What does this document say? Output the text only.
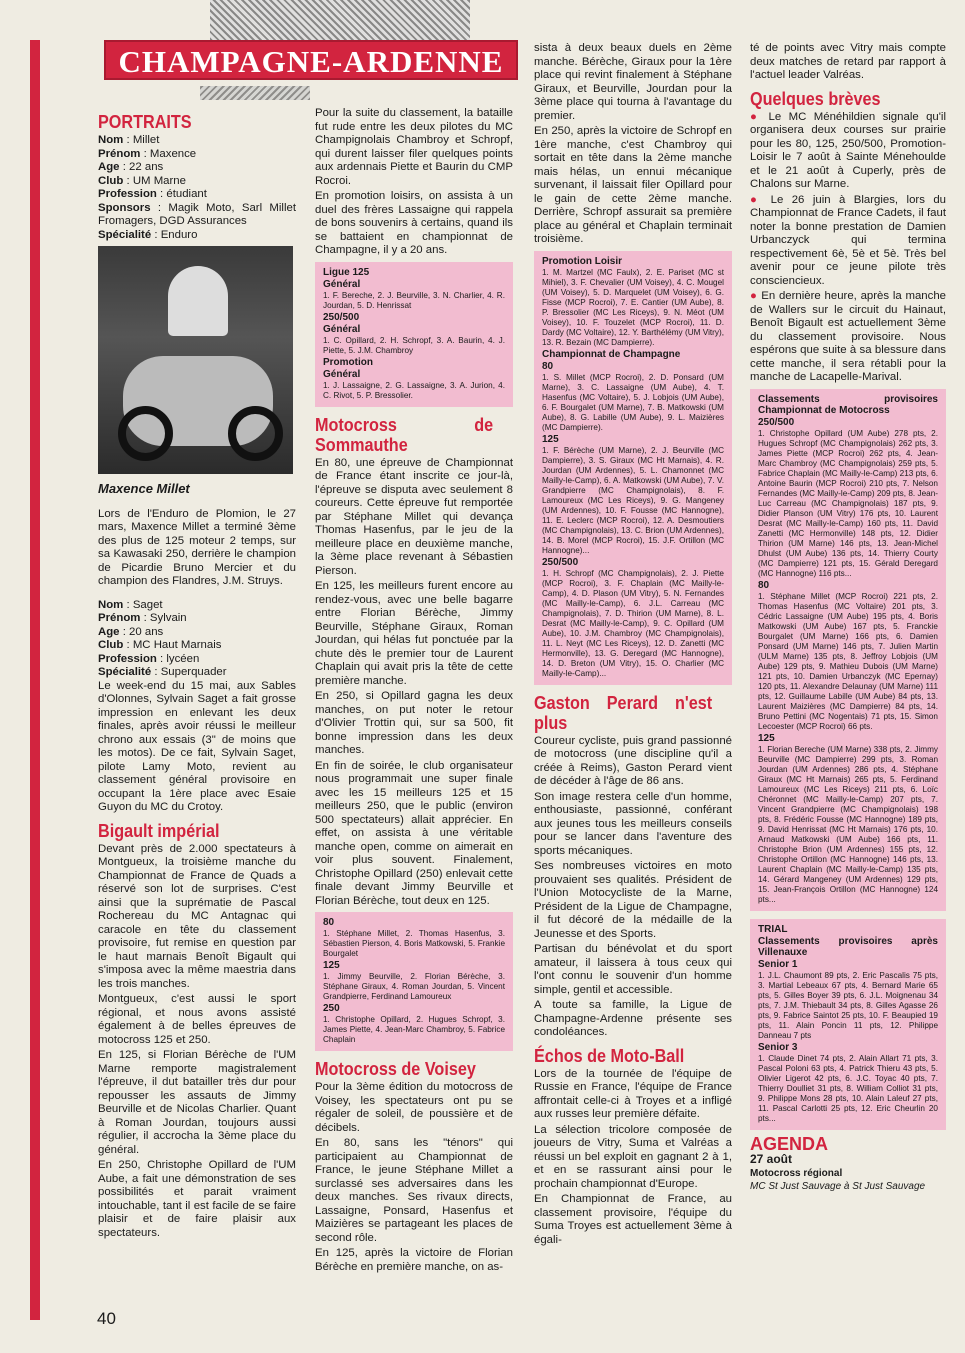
CHAMPAGNE-ARDENNE
PORTRAITS
Nom : Millet
Prénom : Maxence
Age : 22 ans
Club : UM Marne
Profession : étudiant
Sponsors : Magik Moto, Sarl Millet Fromagers, DGD Assurances
Spécialité : Enduro
Maxence Millet

Lors de l'Enduro de Plomion, le 27 mars, Maxence Millet a terminé 3ème des plus de 125 moteur 2 temps, sur sa Kawasaki 250, derrière le champion de Picardie Bruno Mercier et du champion des Flandres, J.M. Struys.

Nom : Saget
Prénom : Sylvain
Age : 20 ans
Club : MC Haut Marnais
Profession : lycéen
Spécialité : Superquader

Le week-end du 15 mai, aux Sables d'Olonnes, Sylvain Saget a fait grosse impression en enlevant les deux finales, après avoir réussi le meilleur chrono aux essais (3" de moins que les motos). De ce fait, Sylvain Saget, pilote Lamy Moto, revient au classement général provisoire en occupant la 1ère place avec Esaie Guyon du MC du Crotoy.

Bigault impérial

Devant près de 2.000 spectateurs à Montgueux, la troisième manche du Championnat de France de Quads a réservé son lot de surprises. C'est ainsi que la suprématie de Pascal Rochereau du MC Antagnac qui caracole en tête du classement provisoire, fut remise en question par le haut marnais Benoît Bigault qui s'imposa avec la même maestria dans les trois manches.

Montgueux, c'est aussi le sport régional, et nous avons assisté également à de belles épreuves de motocross 125 et 250.

En 125, si Florian Bérèche de l'UM Marne remporte magistralement l'épreuve, il dut batailler très dur pour repousser les assauts de Jimmy Beurville et de Nicolas Charlier. Quant à Roman Jourdan, toujours aussi régulier, il accrocha la 3ème place du général.

En 250, Christophe Opillard de l'UM Aube, a fait une démonstration de ses possibilités et parait vraiment intouchable, tant il est facile de se faire plaisir et de faire plaisir aux spectateurs.

Pour la suite du classement, la bataille fut rude entre les deux pilotes du MC Champignolais Chambroy et Schropf, qui durent laisser filer quelques points aux ardennais Piette et Baurin du CMP Rocroi.

En promotion loisirs, on assista à un duel des frères Lassaigne qui rappela de bons souvenirs à certains, quand ils se battaient en championnat de Champagne, il y a 20 ans.

Ligue 125

Général

1. F. Bereche, 2. J. Beurville, 3. N. Charlier, 4. R. Jourdan, 5. D. Henrissat

250/500

Général

1. C. Opillard, 2. H. Schropf, 3. A. Baurin, 4. J. Piette, 5. J.M. Chambroy

Promotion

Général

1. J. Lassaigne, 2. G. Lassaigne, 3. A. Jurion, 4. C. Rivot, 5. P. Bressolier.

Motocross de Sommauthe

En 80, une épreuve de Championnat de France étant inscrite ce jour-là, l'épreuve se disputa avec seulement 8 coureurs. Cette épreuve fut remportée par Stéphane Millet qui devança Thomas Hasenfus, par le jeu de la meilleure place en deuxième manche, la 3ème place revenant à Sébastien Pierson.

En 125, les meilleurs furent encore au rendez-vous, avec une belle bagarre entre Florian Bérèche, Jimmy Beurville, Stéphane Giraux, Roman Jourdan, qui hélas fut ponctuée par la chute dès le premier tour de Laurent Chaplain qui avait pris la tête de cette première manche.

En 250, si Opillard gagna les deux manches, on put noter le retour d'Olivier Trottin qui, sur sa 500, fit bonne impression dans les deux manches.

En fin de soirée, le club organisateur nous programmait une super finale avec les 15 meilleurs 125 et 15 meilleurs 250, que le public (environ 500 spectateurs) allait apprécier. En effet, on assista à une véritable manche open, comme on aimerait en voir plus souvent. Finalement, Christophe Opillard (250) enlevait cette finale devant Jimmy Beurville et Florian Bérèche, tout deux en 125.

80

1. Stéphane Millet, 2. Thomas Hasenfus, 3. Sébastien Pierson, 4. Boris Matkowski, 5. Frankie Bourgalet

125

1. Jimmy Beurville, 2. Florian Bérèche, 3. Stéphane Giraux, 4. Roman Jourdan, 5. Vincent Grandpierre, Ferdinand Lamoureux

250

1. Christophe Opillard, 2. Hugues Schropf, 3. James Piette, 4. Jean-Marc Chambroy, 5. Fabrice Chaplain

Motocross de Voisey

Pour la 3ème édition du motocross de Voisey, les spectateurs ont pu se régaler de soleil, de poussière et de décibels.

En 80, sans les "ténors" qui participaient au Championnat de France, le jeune Stéphane Millet a surclassé ses adversaires dans les deux manches. Ses rivaux directs, Lassaigne, Ponsard, Hasenfus et Maizières se partageant les places de second rôle.

En 125, après la victoire de Florian Bérèche en première manche, on as-

sista à deux beaux duels en 2ème manche. Bérèche, Giraux pour la 1ère place qui revint finalement à Stéphane Giraux, et Beurville, Jourdan pour la 3ème place qui tourna à l'avantage du premier.

En 250, après la victoire de Schropf en 1ère manche, c'est Chambroy qui sortait en tête dans la 2ème manche mais hélas, un ennui mécanique survenant, il laissait filer Opillard pour le gain de cette 2ème manche. Derrière, Schropf assurait sa première place au général et Chaplain terminait troisième.

Promotion Loisir

1. M. Martzel (MC Faulx), 2. E. Pariset (MC st Mihiel), 3. F. Chevalier (UM Voisey), 4. C. Mougel (UM Voisey), 5. D. Marquelet (UM Voisey), 6. G. Fisse (MCP Rocroi), 7. E. Cantier (UM Aube), 8. P. Bressolier (MC Les Riceys), 9. N. Méot (UM Voisey), 10. F. Touzelet (MCP Rocroi), 11. D. Dardy (MC Voltaire), 12. Y. Barthélémy (UM Vitry), 13. R. Bezain (MC Dampierre).

Championnat de Champagne

80

1. S. Millet (MCP Rocroi), 2. D. Ponsard (UM Marne), 3. C. Lassaigne (UM Aube), 4. T. Hasenfus (MC Voltaire), 5. J. Lobjois (UM Aube), 6. F. Bourgalet (UM Marne), 7. B. Matkowski (UM Aube), 8. G. Labille (UM Aube), 9. L. Maizières (MC Dampierre).

125

1. F. Bérèche (UM Marne), 2. J. Beurville (MC Dampierre), 3. S. Giraux (MC Ht Marnais), 4. R. Jourdan (UM Ardennes), 5. L. Chamonnet (MC Mailly-le-Camp), 6. A. Matkowski (UM Aube), 7. V. Grandpierre (MC Champignolais), 8. F. Lamoureux (MC Les Riceys), 9. G. Mangeney (UM Ardennes), 10. F. Fousse (MC Hannogne), 11. E. Leclerc (MCP Rocroi), 12. A. Desmoutiers (MC Champignolais), 13. C. Brion (UM Ardennes), 14. B. Morel (MCP Rocroi), 15. J.F. Ortillon (MC Hannogne)...

250/500

1. H. Schropf (MC Champignolais), 2. J. Piette (MCP Rocroi), 3. F. Chaplain (MC Mailly-le-Camp), 4. D. Plason (UM Vitry), 5. N. Fernandes (MC Mailly-le-Camp), 6. J.L. Carreau (MC Champignolais), 7. D. Thirion (UM Marne), 8. L. Desrat (MC Mailly-le-Camp), 9. C. Opillard (UM Aube), 10. J.M. Chambroy (MC Champignolais), 11. L. Neyt (MC Les Riceys), 12. D. Zanetti (MC Hermonville), 13. G. Deregard (MC Hannogne), 14. D. Breton (UM Vitry), 15. O. Charlier (MC Mailly-le-Camp)...

Gaston Perard n'est plus

Coureur cycliste, puis grand passionné de motocross (une discipline qu'il a créée à Reims), Gaston Perard vient de décéder à l'âge de 86 ans.

Son image restera celle d'un homme, enthousiaste, passionné, conférant aux jeunes tous les meilleurs conseils pour se lancer dans l'aventure des sports mécaniques.

Ses nombreuses victoires en moto prouvaient ses qualités. Président de l'Union Motocycliste de la Marne, Président de la Ligue de Champagne, il fut décoré de la médaille de la Jeunesse et des Sports.

Partisan du bénévolat et du sport amateur, il laissera à tous ceux qui l'ont connu le souvenir d'un homme simple, gentil et accessible.

A toute sa famille, la Ligue de Champagne-Ardenne présente ses condoléances.

Échos de Moto-Ball

Lors de la tournée de l'équipe de Russie en France, l'équipe de France affrontait celle-ci à Troyes et a infligé aux russes leur première défaite.

La sélection tricolore composée de joueurs de Vitry, Suma et Valréas a réussi un bel exploit en gagnant 2 à 1, et en se rassurant ainsi pour le prochain championnat d'Europe.

En Championnat de France, au classement provisoire, l'équipe du Suma Troyes est actuellement 3ème à égali-

té de points avec Vitry mais compte deux matches de retard par rapport à l'actuel leader Valréas.

Quelques brèves

● Le MC Ménéhildien signale qu'il organisera deux courses sur prairie pour les 80, 125, 250/500, Promotion-Loisir le 7 août à Sainte Ménehoulde et le 21 août à Cuperly, près de Chalons sur Marne.

● Le 26 juin à Blargies, lors du Championnat de France Cadets, il faut noter la bonne prestation de Damien Urbanczyck qui termina respectivement 6è, 5è et 5è. Très bel avenir pour ce jeune pilote très consciencieux.

● En dernière heure, après la manche de Wallers sur le circuit du Hainaut, Benoît Bigault est actuellement 3ème du classement provisoire. Nous espérons que suite à sa blessure dans cette manche, il sera rétabli pour la manche de Lacapelle-Marival.

Classements provisoires Championnat de Motocross

250/500

1. Christophe Opillard (UM Aube) 278 pts, 2. Hugues Schropf (MC Champignolais) 262 pts, 3. James Piette (MCP Rocroi) 262 pts, 4. Jean-Marc Chambroy (MC Champignolais) 259 pts, 5. Fabrice Chaplain (MC Mailly-le-Camp) 213 pts, 6. Antoine Baurin (MCP Rocroi) 210 pts, 7. Nelson Fernandes (MC Mailly-le-Camp) 209 pts, 8. Jean-Luc Carreau (MC Champignolais) 187 pts, 9. Didier Planson (UM Vitry) 176 pts, 10. Laurent Desrat (MC Mailly-le-Camp) 160 pts, 11. David Zanetti (MC Hermonville) 148 pts, 12. Didier Thirion (UM Marne) 146 pts, 13. Jean-Michel Dhulst (UM Aube) 136 pts, 14. Thierry Courty (MC Dampierre) 121 pts, 15. Gérald Deregard (MC Hannogne) 116 pts...

80

1. Stéphane Millet (MCP Rocroi) 221 pts, 2. Thomas Hasenfus (MC Voltaire) 201 pts, 3. Cédric Lassaigne (UM Aube) 195 pts, 4. Boris Matkowski (UM Aube) 167 pts, 5. Franckie Bourgalet (UM Marne) 166 pts, 6. Damien Ponsard (UM Marne) 146 pts, 7. Julien Martin (ULM Marne) 135 pts, 8. Jeffroy Lobjois (UM Aube) 129 pts, 9. Mathieu Dubois (UM Marne) 121 pts, 10. Damien Urbanczyk (MC Epernay) 120 pts, 11. Alexandre Delaunay (UM Marne) 111 pts, 12. Guillaume Labille (UM Aube) 84 pts, 13. Laurent Maizières (MC Dampierre) 84 pts, 14. Bruno Pettini (MC Nogentais) 71 pts, 15. Simon Lecoester (MCP Rocroi) 66 pts.

125

1. Florian Bereche (UM Marne) 338 pts, 2. Jimmy Beurville (MC Dampierre) 299 pts, 3. Roman Jourdan (UM Ardennes) 286 pts, 4. Stéphane Giraux (MC Ht Marnais) 265 pts, 5. Ferdinand Lamoureux (MC Les Riceys) 211 pts, 6. Loïc Chéronnet (MC Mailly-le-Camp) 207 pts, 7. Vincent Grandpierre (MC Champignolais) 198 pts, 8. Frédéric Fousse (MC Hannogne) 189 pts, 9. David Henrissat (MC Ht Marnais) 176 pts, 10. Arnaud Matkowski (UM Aube) 166 pts, 11. Christophe Brion (UM Ardennes) 155 pts, 12. Christophe Ortillon (MC Hannogne) 146 pts, 13. Laurent Chaplain (MC Mailly-le-Camp) 135 pts, 14. Gérard Mangeney (UM Ardennes) 129 pts, 15. Jean-François Ortillon (MC Hannogne) 124 pts...

TRIAL

Classements provisoires après Villenauxe

Senior 1

1. J.L. Chaumont 89 pts, 2. Eric Pascalis 75 pts, 3. Martial Lebeaux 67 pts, 4. Bernard Marie 65 pts, 5. Gilles Boyer 39 pts, 6. J.L. Moignenau 34 pts, 7. J.M. Thiebault 34 pts, 8. Gilles Agasse 26 pts, 9. Fabrice Saintot 25 pts, 10. F. Beaupied 19 pts, 11. Alain Poncin 11 pts, 12. Philippe Danneau 7 pts

Senior 3

1. Claude Dinet 74 pts, 2. Alain Allart 71 pts, 3. Pascal Poloni 63 pts, 4. Patrick Thieru 43 pts, 5. Olivier Ligerot 42 pts, 6. J.C. Toyac 40 pts, 7. Thierry Doulliet 31 pts, 8. William Colliot 31 pts, 9. Philippe Mons 28 pts, 10. Alain Laleuf 27 pts, 11. Pascal Carlotti 25 pts, 12. Eric Cheurlin 20 pts...

AGENDA
27 août
Motocross régional
MC St Just Sauvage à St Just Sauvage
40
